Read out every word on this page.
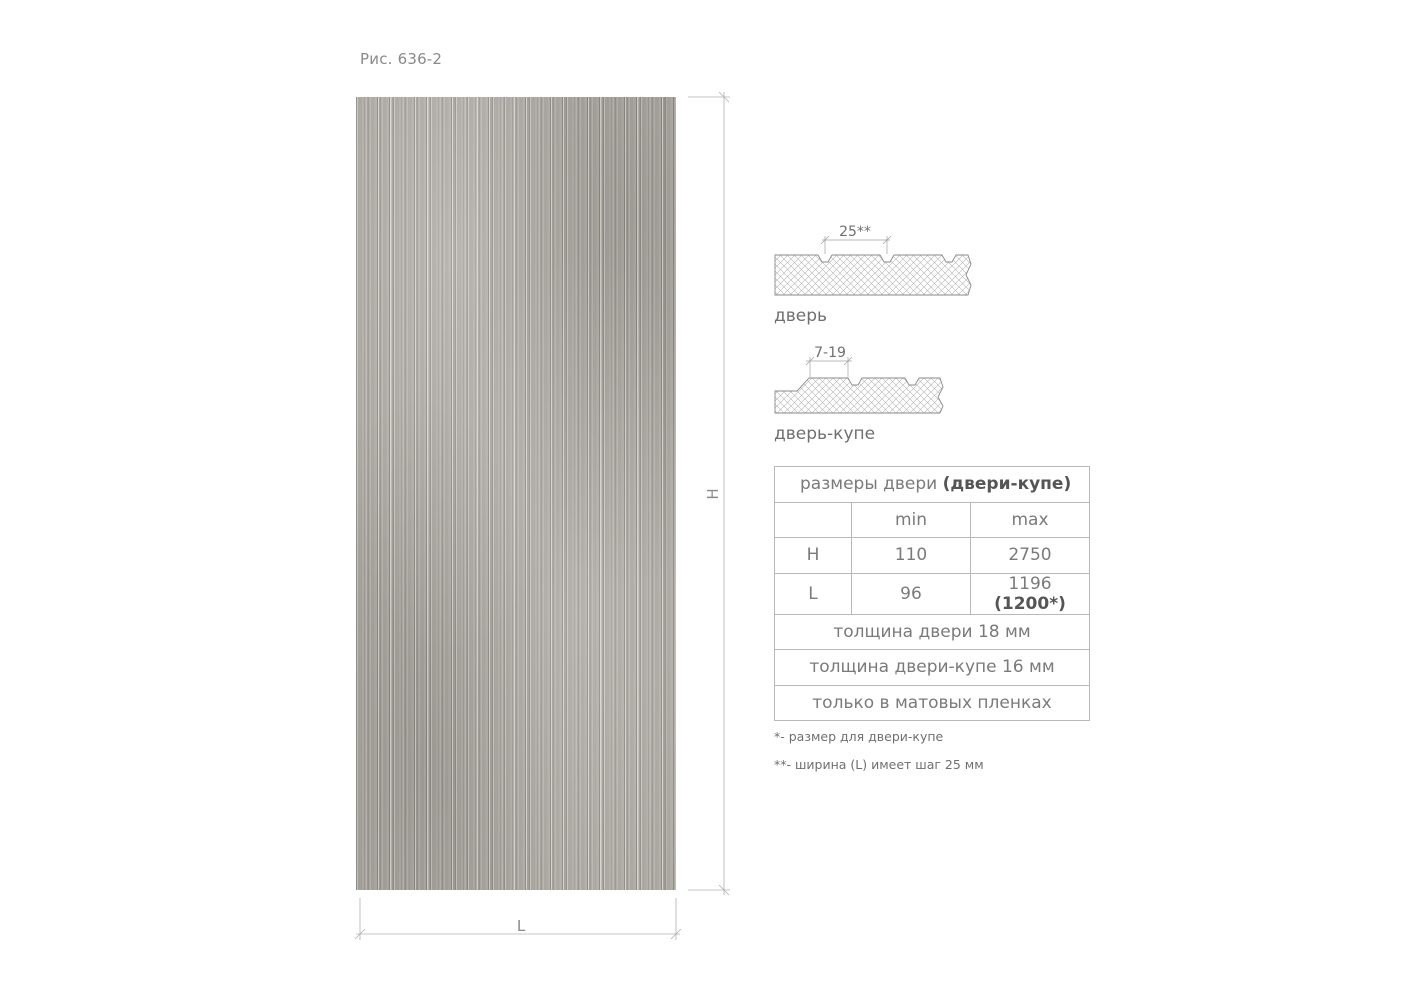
Рис. 636-2
H
L
25**
7-19
дверь
дверь-купе
размеры двери (двери-купе)		
	min	max
H	110	2750
L	96	1196 (1200*)
толщина двери 18 мм		
толщина двери-купе 16 мм		
только в матовых пленках		
*- размер для двери-купе
**- ширина (L) имеет шаг 25 мм
